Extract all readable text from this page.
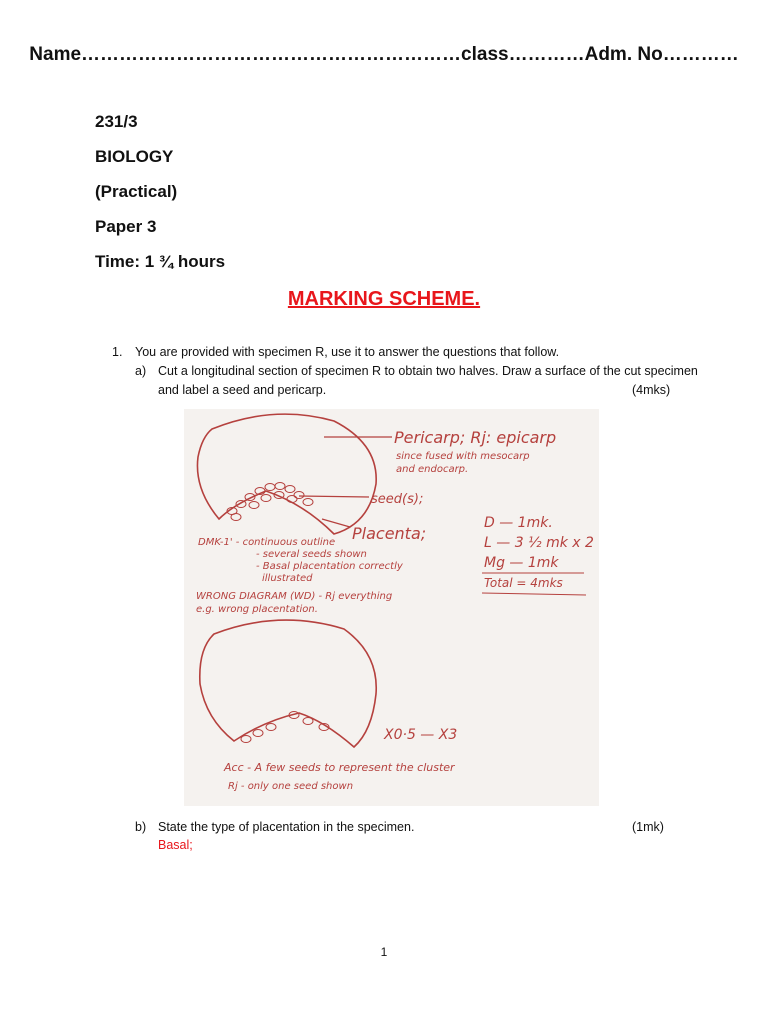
Name……………………………………………………class…………Adm. No…………
231/3
BIOLOGY
(Practical)
Paper 3
Time: 1 ¾ hours
MARKING SCHEME.
1. You are provided with specimen R, use it to answer the questions that follow.
a) Cut a longitudinal section of specimen R to obtain two halves. Draw a surface of the cut specimen
and label a seed and pericarp.	(4mks)
Pericarp; Rj: epicarp
since fused with mesocarp
and endocarp.
seed(s);
Placenta;
D — 1mk.
L — 3 ½ mk x 2
Mg — 1mk
Total = 4mks
DMK-1' - continuous outline
- several seeds shown
- Basal placentation correctly
illustrated
WRONG DIAGRAM (WD) - Rj everything
e.g. wrong placentation.
X0·5 — X3
Acc - A few seeds to represent the cluster
Rj - only one seed shown
b) State the type of placentation in the specimen.	(1mk)
Basal;
1
